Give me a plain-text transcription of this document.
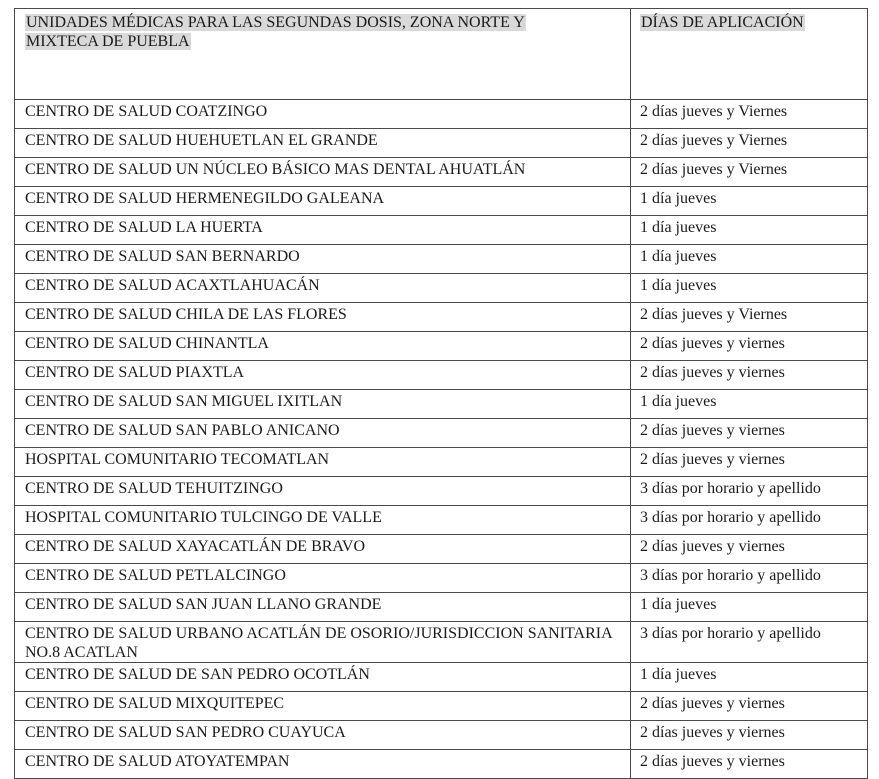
UNIDADES MÉDICAS PARA LAS SEGUNDAS DOSIS, ZONA NORTE Y MIXTECA DE PUEBLA	DÍAS DE APLICACIÓN
CENTRO DE SALUD COATZINGO	2 días jueves y Viernes
CENTRO DE SALUD HUEHUETLAN EL GRANDE	2 días jueves y Viernes
CENTRO DE SALUD UN NÚCLEO BÁSICO MAS DENTAL AHUATLÁN	2 días jueves y Viernes
CENTRO DE SALUD HERMENEGILDO GALEANA	1 día jueves
CENTRO DE SALUD LA HUERTA	1 día jueves
CENTRO DE SALUD SAN BERNARDO	1 día jueves
CENTRO DE SALUD ACAXTLAHUACÁN	1 día jueves
CENTRO DE SALUD CHILA DE LAS FLORES	2 días jueves y Viernes
CENTRO DE SALUD CHINANTLA	2 días jueves y viernes
CENTRO DE SALUD PIAXTLA	2 días jueves y viernes
CENTRO DE SALUD SAN MIGUEL IXITLAN	1 día jueves
CENTRO DE SALUD SAN PABLO ANICANO	2 días jueves y viernes
HOSPITAL COMUNITARIO TECOMATLAN	2 días jueves y viernes
CENTRO DE SALUD TEHUITZINGO	3 días por horario y apellido
HOSPITAL COMUNITARIO TULCINGO DE VALLE	3 días por horario y apellido
CENTRO DE SALUD XAYACATLÁN DE BRAVO	2 días jueves y viernes
CENTRO DE SALUD PETLALCINGO	3 días por horario y apellido
CENTRO DE SALUD SAN JUAN LLANO GRANDE	1 día jueves
CENTRO DE SALUD URBANO ACATLÁN DE OSORIO/JURISDICCION SANITARIA NO.8 ACATLAN	3 días por horario y apellido
CENTRO DE SALUD DE SAN PEDRO OCOTLÁN	1 día jueves
CENTRO DE SALUD MIXQUITEPEC	2 días jueves y viernes
CENTRO DE SALUD SAN PEDRO CUAYUCA	2 días jueves y viernes
CENTRO DE SALUD ATOYATEMPAN	2 días jueves y viernes
